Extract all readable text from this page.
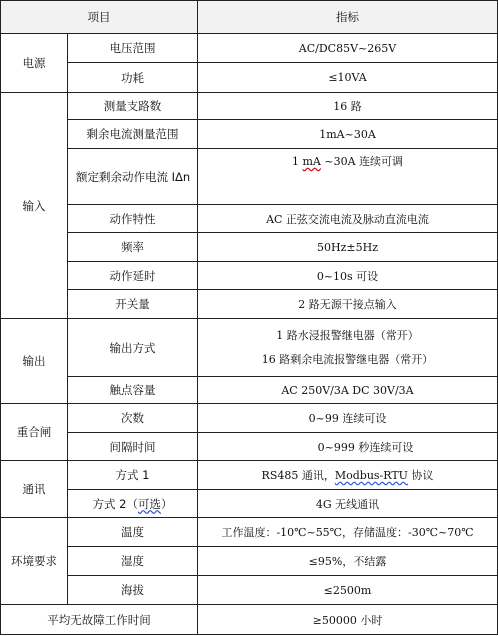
项目		指标
电源	电压范围	AC/DC85V~265V
	功耗	≤10VA
输入	测量支路数	16 路
	剩余电流测量范围	1mA~30A
	额定剩余动作电流 IΔn	1 mA ~30A 连续可调
	动作特性	AC 正弦交流电流及脉动直流电流
	频率	50Hz±5Hz
	动作延时	0~10s 可设
	开关量	2 路无源干接点输入
输出	输出方式	1 路水浸报警继电器（常开）
16 路剩余电流报警继电器（常开）

	触点容量	AC 250V/3A DC 30V/3A
重合闸	次数	0~99 连续可设
	间隔时间	0~999 秒连续可设
通讯	方式 1	RS485 通讯，Modbus-RTU 协议
	方式 2（可选）	4G 无线通讯
环境要求	温度	工作温度：-10℃~55℃，存储温度：-30℃~70℃
	湿度	≤95%，不结露
	海拔	≤2500m
平均无故障工作时间		≥50000 小时
